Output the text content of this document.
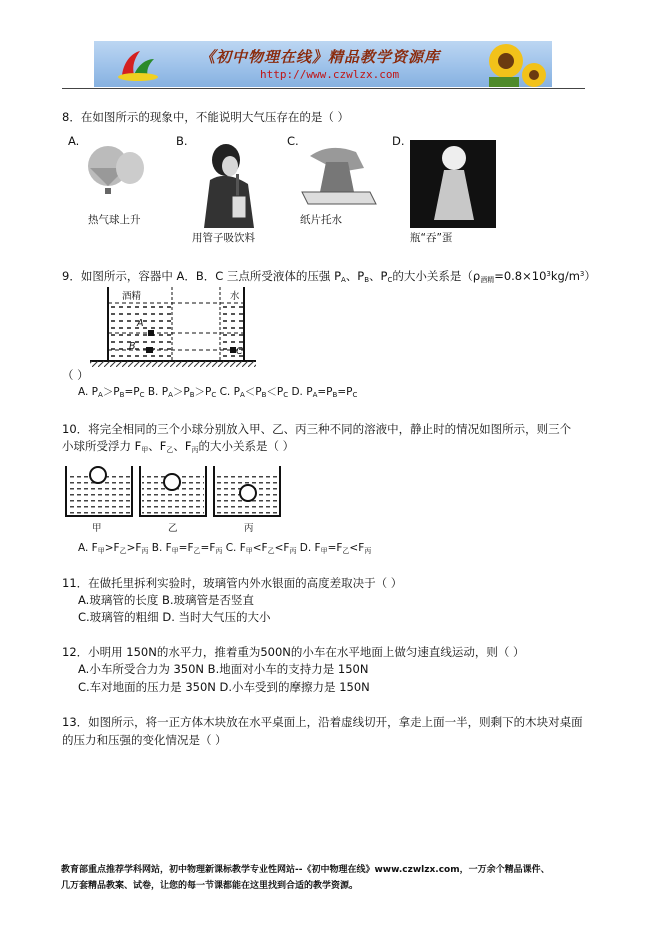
《初中物理在线》精品教学资源库
http://www.czwlzx.com
8．在如图所示的现象中，不能说明大气压存在的是（ ）
A.
热气球上升
B.
用管子吸饮料
C.
纸片托水
D.
瓶“吞”蛋
9．如图所示，容器中 A．B．C 三点所受液体的压强 $P_A$、$P_B$、$P_C$的大小关系是$(\rho_{酒精}=0.8\times 10^3kg/m^3)$
酒精	水
A
B	C
（ ）
A. $P_A>P_B=P_C$ B. $P_A>P_B>P_C$ C. $P_A<P_B<P_C$ D. $P_A=P_B=P_C$
10．将完全相同的三个小球分别放入甲、乙、丙三种不同的溶液中，静止时的情况如图所示，则三个
小球所受浮力 $F_甲$、$F_乙$、$F_丙$的大小关系是（ ）
甲	乙	丙
A. $F_甲>F_乙>F_丙$ B. $F_甲=F_乙=F_丙$ C. $F_甲<F_乙<F_丙$ D. $F_甲=F_乙<F_丙$
11．在做托里拆利实验时，玻璃管内外水银面的高度差取决于（ ）
A.玻璃管的长度 B.玻璃管是否竖直
C.玻璃管的粗细 D. 当时大气压的大小
12．小明用 150N的水平力，推着重为500N的小车在水平地面上做匀速直线运动，则（ ）
A.小车所受合力为 350N B.地面对小车的支持力是 150N
C.车对地面的压力是 350N D.小车受到的摩擦力是 150N
13．如图所示，将一正方体木块放在水平桌面上，沿着虚线切开，拿走上面一半，则剩下的木块对桌面
的压力和压强的变化情况是（ ）
教育部重点推荐学科网站，初中物理新课标教学专业性网站--《初中物理在线》www.czwlzx.com，一万余个精品课件、
几万套精品教案、试卷，让您的每一节课都能在这里找到合适的教学资源。
